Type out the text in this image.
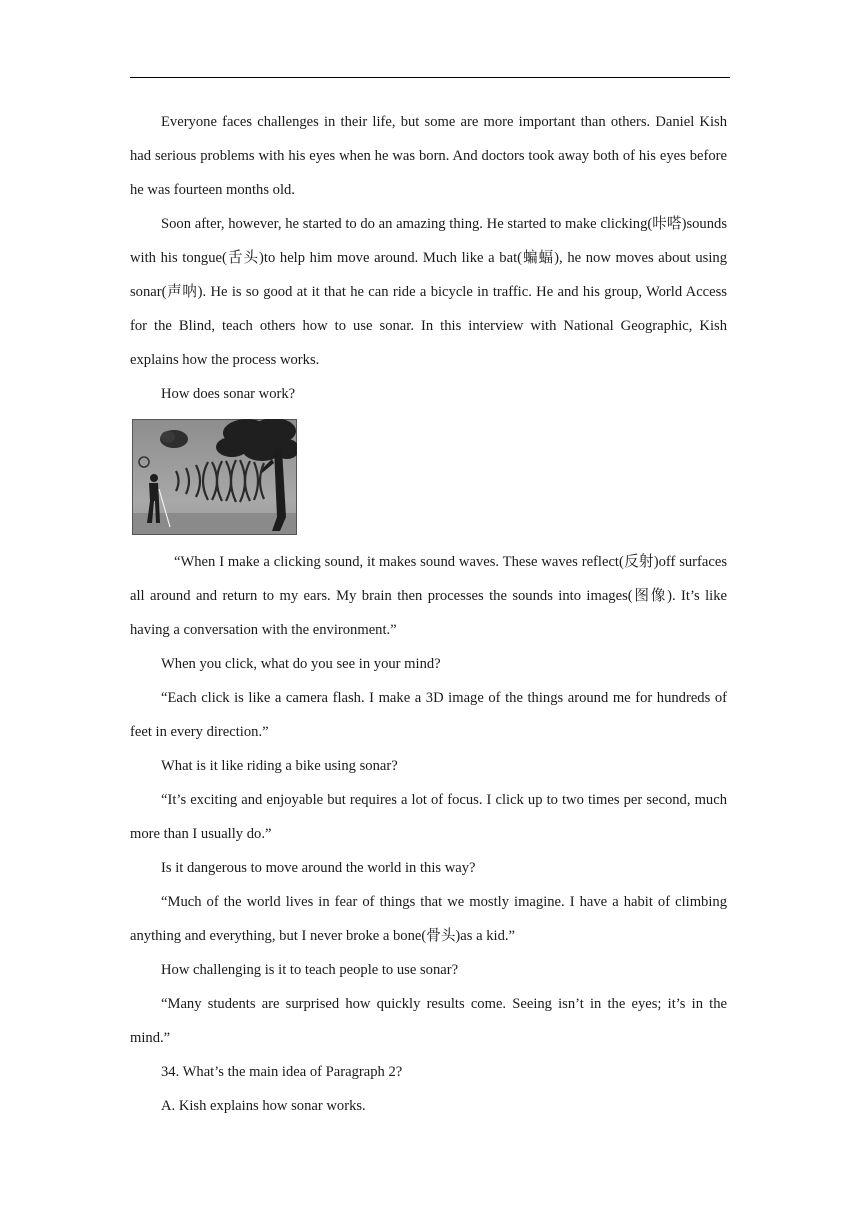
Everyone faces challenges in their life, but some are more important than others. Daniel Kish had serious problems with his eyes when he was born. And doctors took away both of his eyes before he was fourteen months old.

Soon after, however, he started to do an amazing thing. He started to make clicking(咔嗒)sounds with his tongue(舌头)to help him move around. Much like a bat(蝙蝠), he now moves about using sonar(声呐). He is so good at it that he can ride a bicycle in traffic. He and his group, World Access for the Blind, teach others how to use sonar. In this interview with National Geographic, Kish explains how the process works.

How does sonar work?

“When I make a clicking sound, it makes sound waves. These waves reflect(反射)off surfaces all around and return to my ears. My brain then processes the sounds into images(图像). It’s like having a conversation with the environment.”

When you click, what do you see in your mind?

“Each click is like a camera flash. I make a 3D image of the things around me for hundreds of feet in every direction.”

What is it like riding a bike using sonar?

“It’s exciting and enjoyable but requires a lot of focus. I click up to two times per second, much more than I usually do.”

Is it dangerous to move around the world in this way?

“Much of the world lives in fear of things that we mostly imagine. I have a habit of climbing anything and everything, but I never broke a bone(骨头)as a kid.”

How challenging is it to teach people to use sonar?

“Many students are surprised how quickly results come. Seeing isn’t in the eyes; it’s in the mind.”

34. What’s the main idea of Paragraph 2?

A. Kish explains how sonar works.
